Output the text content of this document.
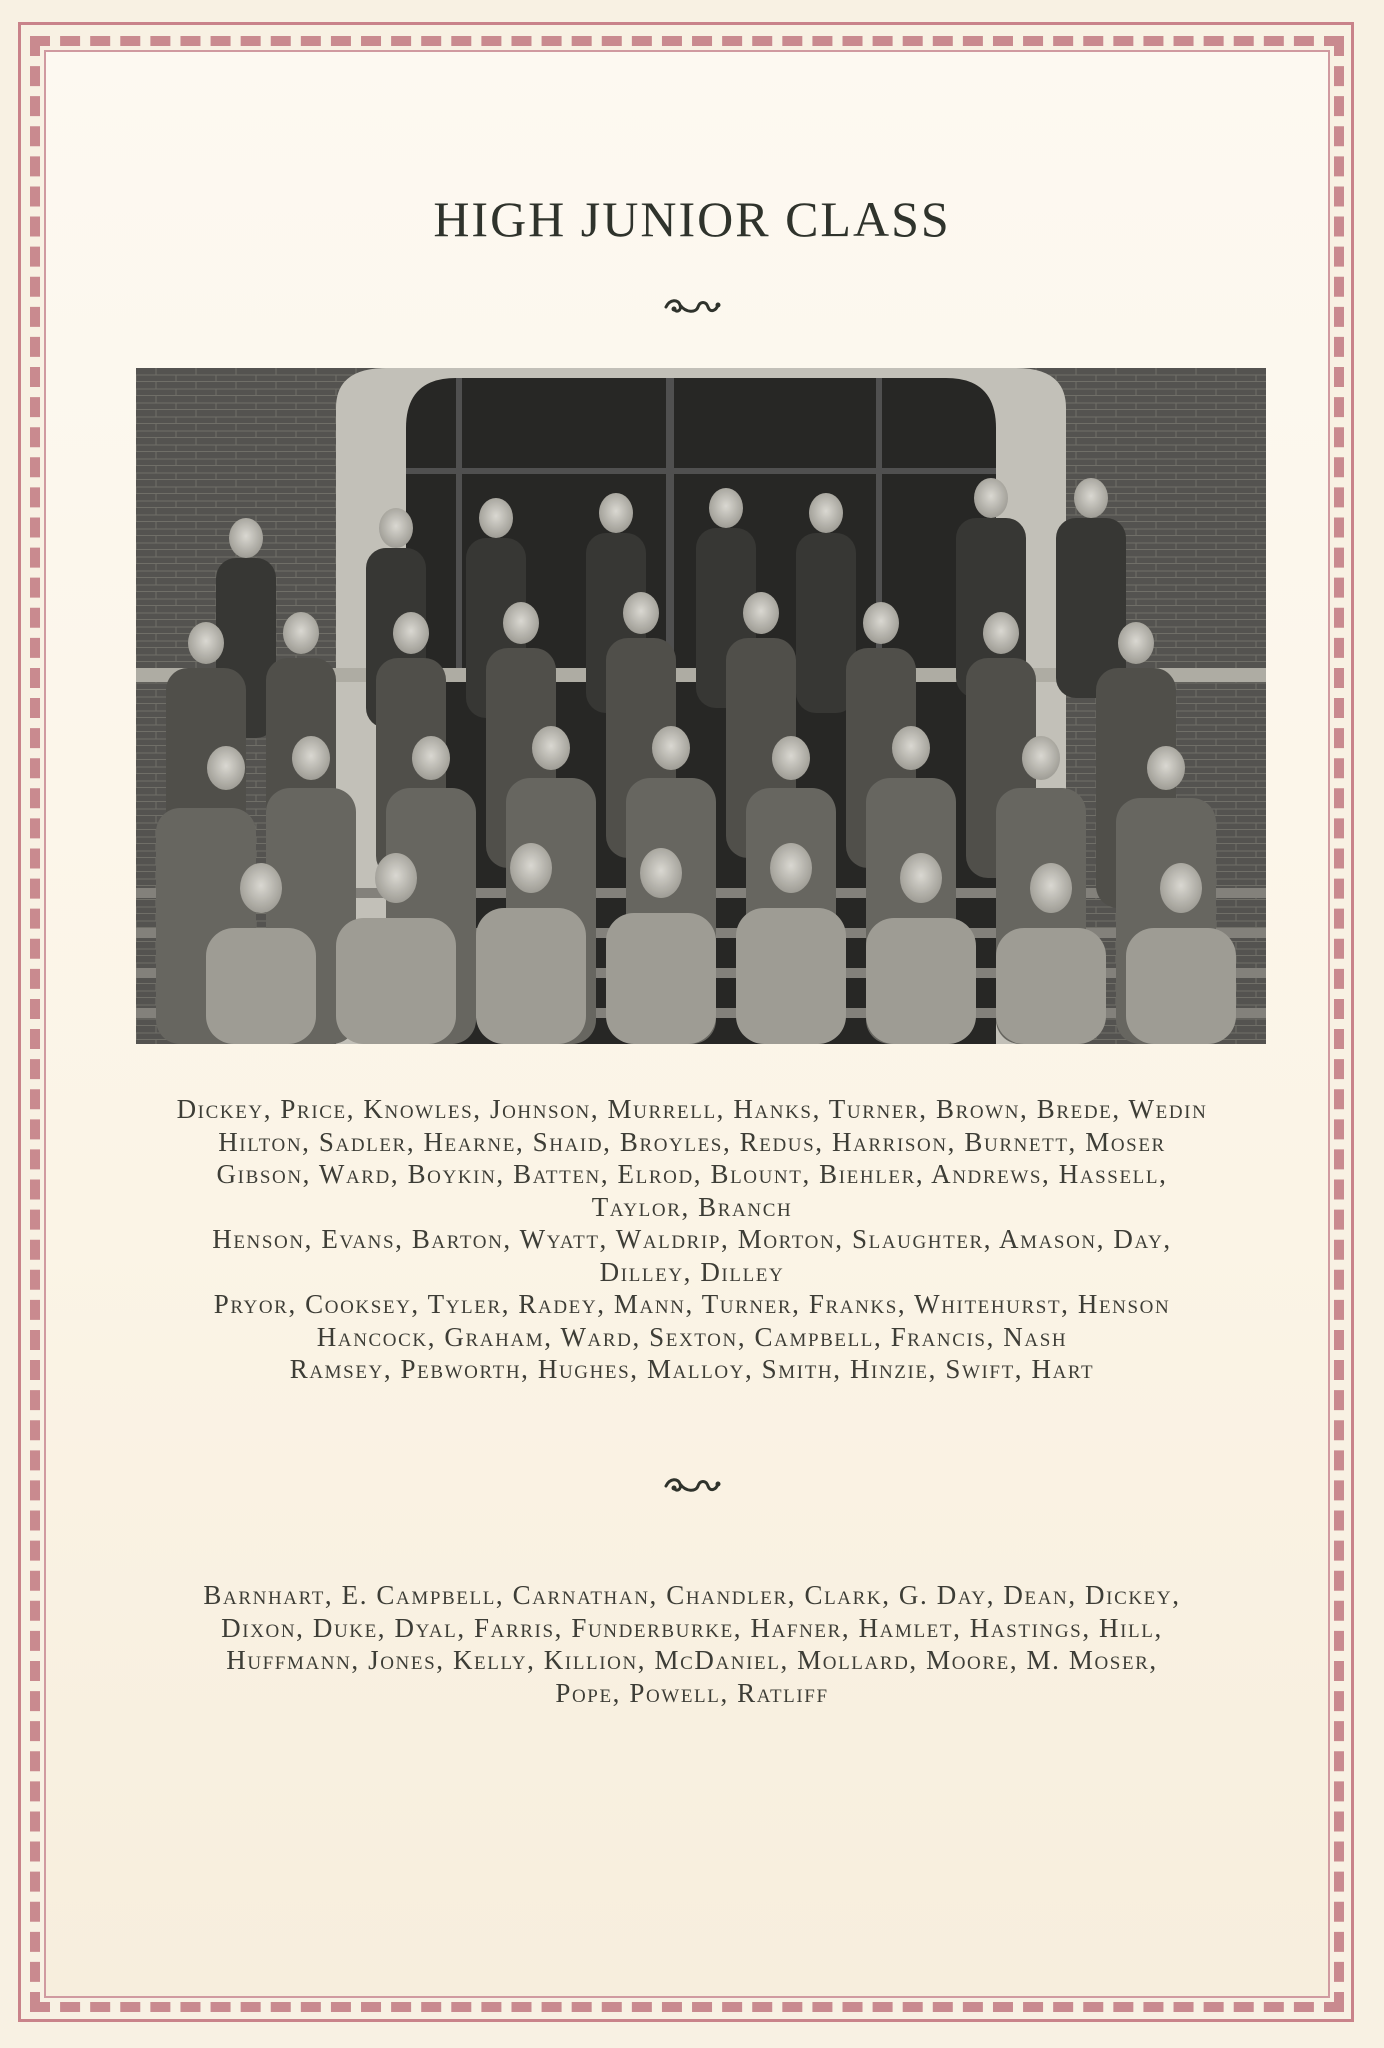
HIGH JUNIOR CLASS
Dickey, Price, Knowles, Johnson, Murrell, Hanks, Turner, Brown, Brede, Wedin
Hilton, Sadler, Hearne, Shaid, Broyles, Redus, Harrison, Burnett, Moser
Gibson, Ward, Boykin, Batten, Elrod, Blount, Biehler, Andrews, Hassell,
Taylor, Branch
Henson, Evans, Barton, Wyatt, Waldrip, Morton, Slaughter, Amason, Day,
Dilley, Dilley
Pryor, Cooksey, Tyler, Radey, Mann, Turner, Franks, Whitehurst, Henson
Hancock, Graham, Ward, Sexton, Campbell, Francis, Nash
Ramsey, Pebworth, Hughes, Malloy, Smith, Hinzie, Swift, Hart
Barnhart, E. Campbell, Carnathan, Chandler, Clark, G. Day, Dean, Dickey,
Dixon, Duke, Dyal, Farris, Funderburke, Hafner, Hamlet, Hastings, Hill,
Huffmann, Jones, Kelly, Killion, McDaniel, Mollard, Moore, M. Moser,
Pope, Powell, Ratliff
